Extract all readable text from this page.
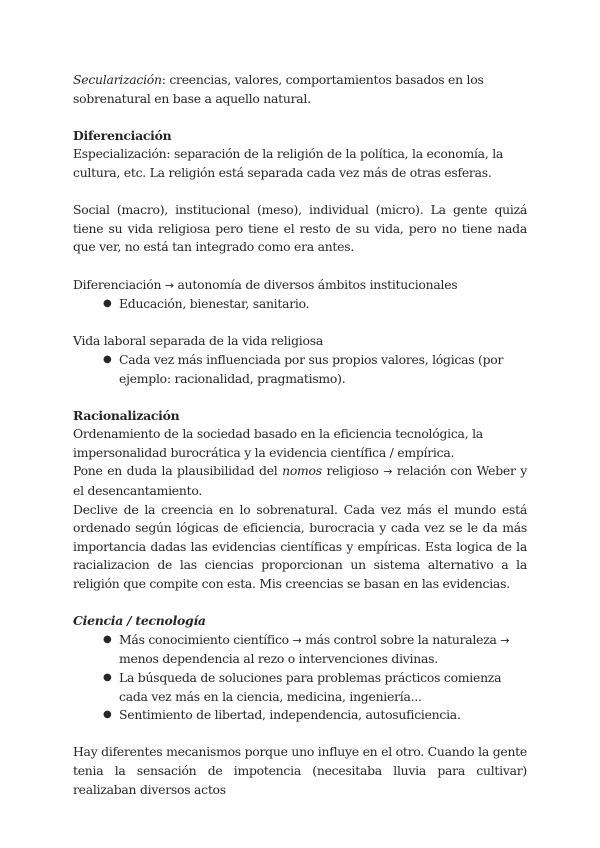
Secularización: creencias, valores, comportamientos basados en los sobrenatural en base a aquello natural.

Diferenciación

Especialización: separación de la religión de la política, la economía, la cultura, etc. La religión está separada cada vez más de otras esferas.

Social (macro), institucional (meso), individual (micro). La gente quizá tiene su vida religiosa pero tiene el resto de su vida, pero no tiene nada que ver, no está tan integrado como era antes.

Diferenciación → autonomía de diversos ámbitos institucionales

● Educación, bienestar, sanitario.

Vida laboral separada de la vida religiosa

● Cada vez más influenciada por sus propios valores, lógicas (por ejemplo: racionalidad, pragmatismo).

Racionalización

Ordenamiento de la sociedad basado en la eficiencia tecnológica, la impersonalidad burocrática y la evidencia científica / empírica.

Pone en duda la plausibilidad del nomos religioso → relación con Weber y el desencantamiento.

Declive de la creencia en lo sobrenatural. Cada vez más el mundo está ordenado según lógicas de eficiencia, burocracia y cada vez se le da más importancia dadas las evidencias científicas y empíricas. Esta logica de la racializacion de las ciencias proporcionan un sistema alternativo a la religión que compite con esta. Mis creencias se basan en las evidencias.

Ciencia / tecnología

● Más conocimiento científico → más control sobre la naturaleza → menos dependencia al rezo o intervenciones divinas.
● La búsqueda de soluciones para problemas prácticos comienza cada vez más en la ciencia, medicina, ingeniería...
● Sentimiento de libertad, independencia, autosuficiencia.

Hay diferentes mecanismos porque uno influye en el otro. Cuando la gente tenia la sensación de impotencia (necesitaba lluvia para cultivar) realizaban diversos actos
